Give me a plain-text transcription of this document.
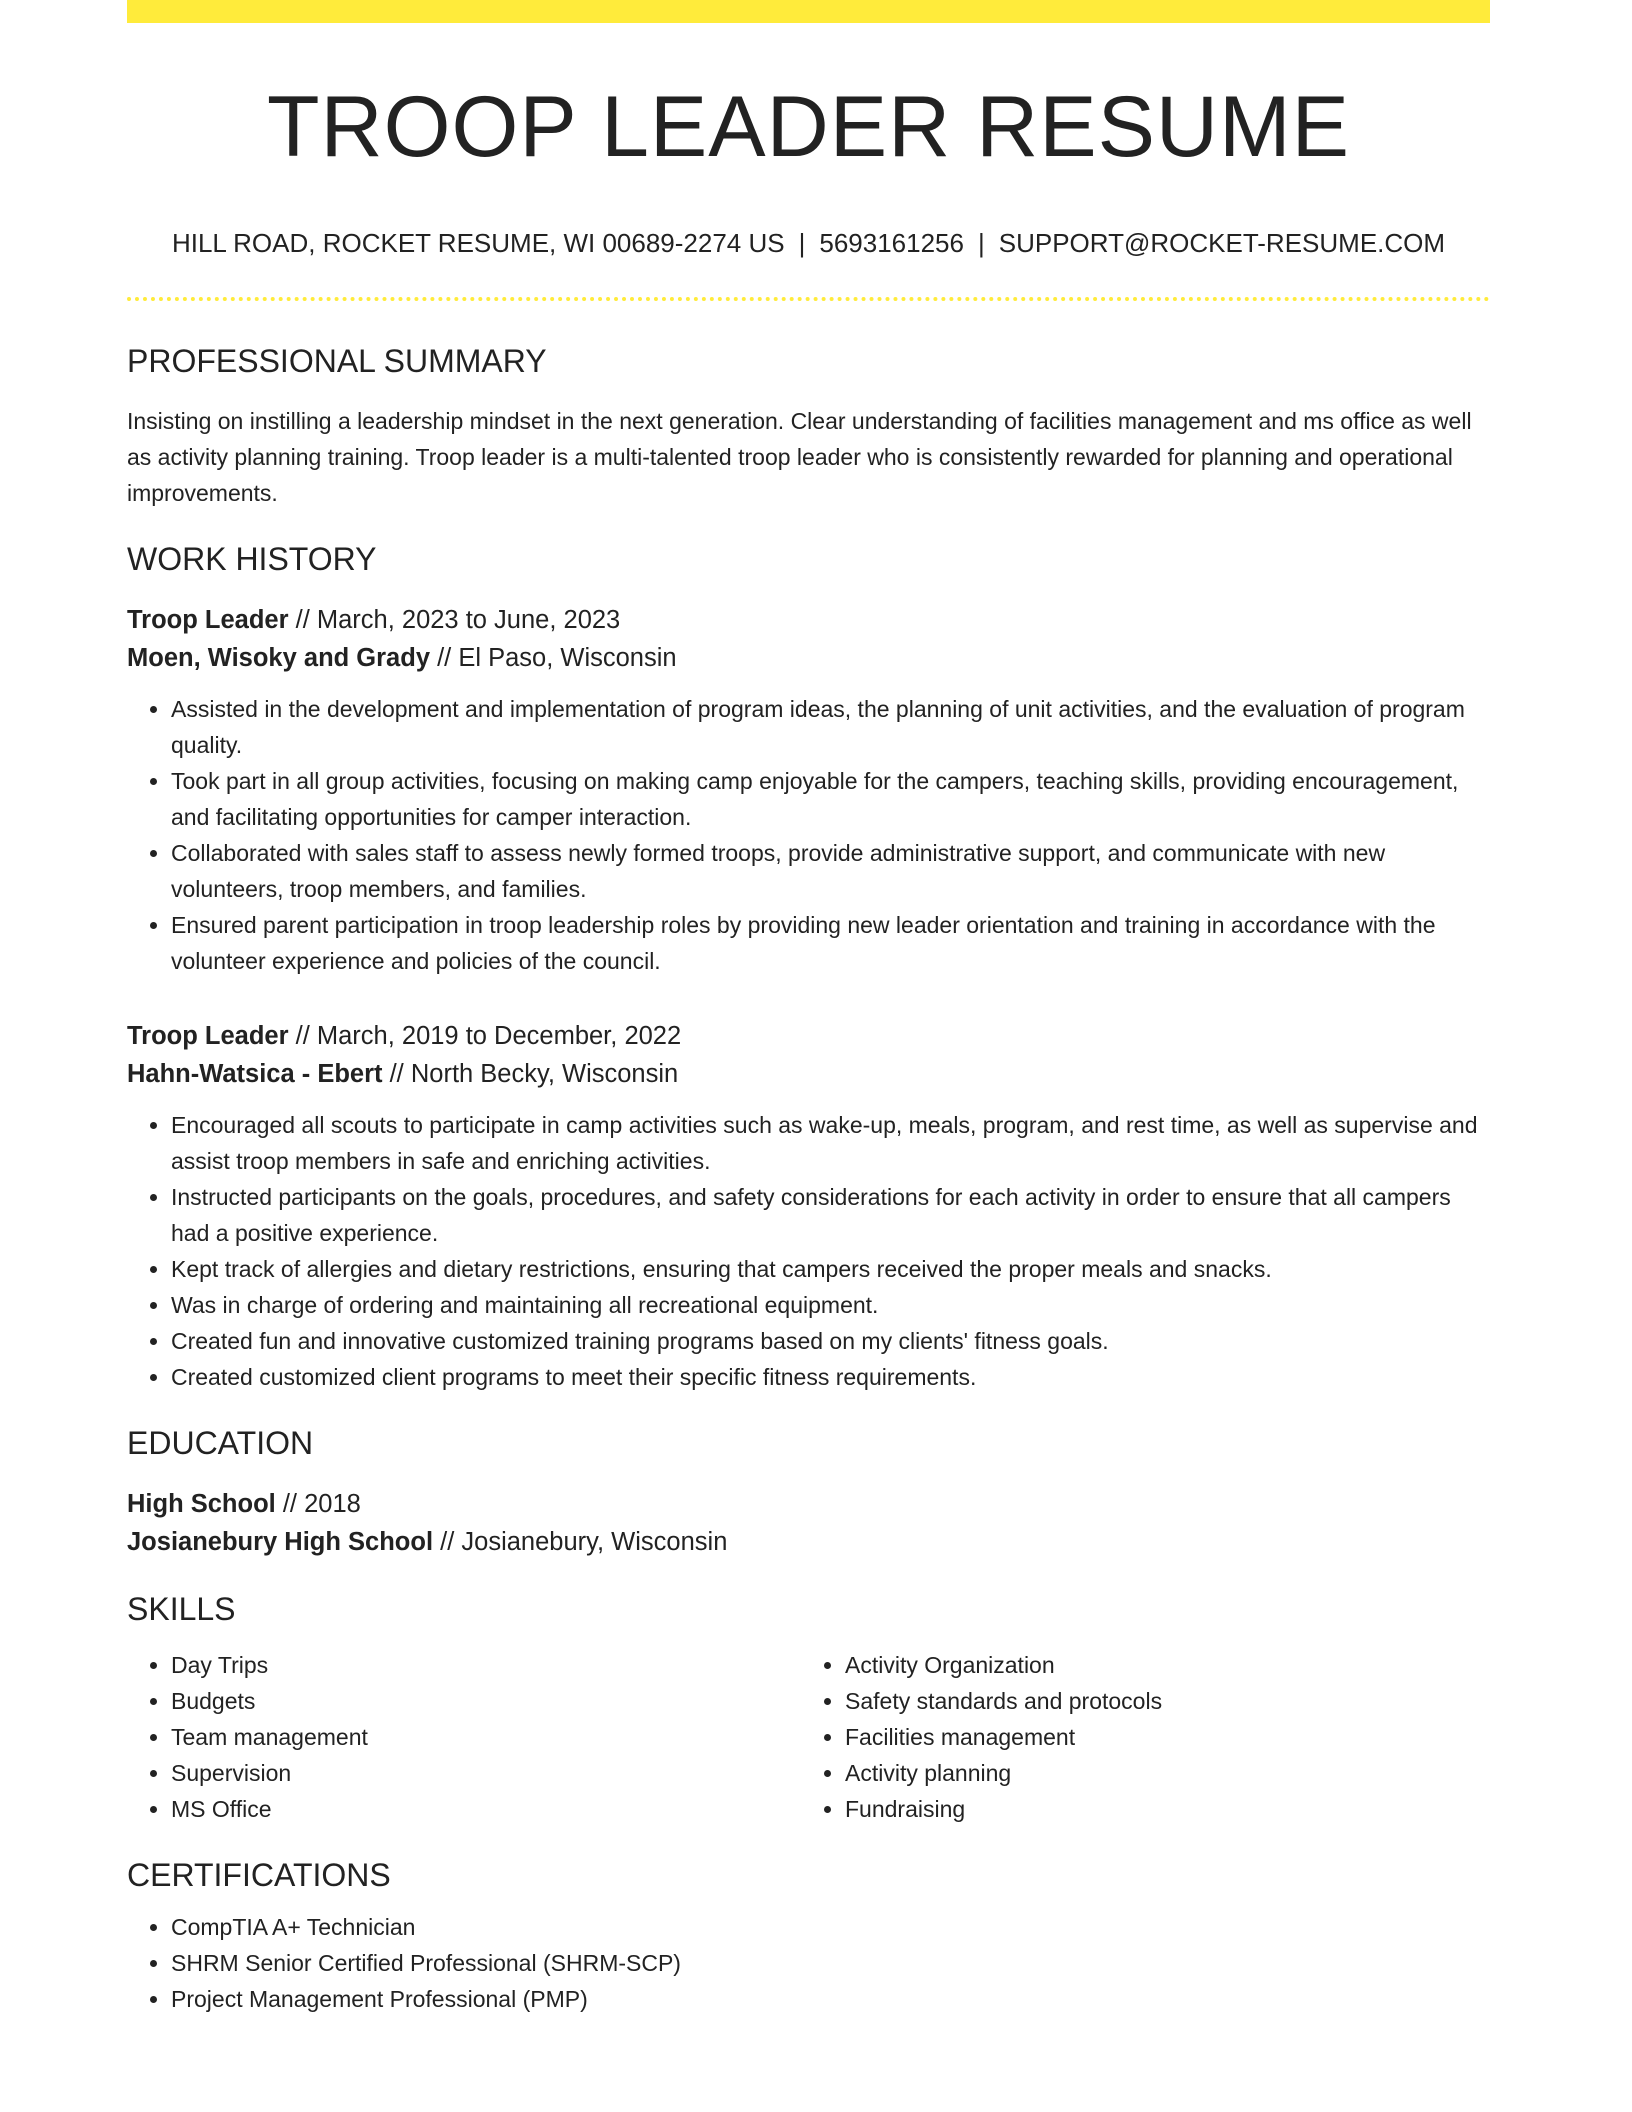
TROOP LEADER RESUME
HILL ROAD, ROCKET RESUME, WI 00689-2274 US | 5693161256 | SUPPORT@ROCKET-RESUME.COM
PROFESSIONAL SUMMARY
Insisting on instilling a leadership mindset in the next generation. Clear understanding of facilities management and ms office as well as activity planning training. Troop leader is a multi-talented troop leader who is consistently rewarded for planning and operational improvements.
WORK HISTORY
Troop Leader // March, 2023 to June, 2023
Moen, Wisoky and Grady // El Paso, Wisconsin
• Assisted in the development and implementation of program ideas, the planning of unit activities, and the evaluation of program quality.
• Took part in all group activities, focusing on making camp enjoyable for the campers, teaching skills, providing encouragement, and facilitating opportunities for camper interaction.
• Collaborated with sales staff to assess newly formed troops, provide administrative support, and communicate with new volunteers, troop members, and families.
• Ensured parent participation in troop leadership roles by providing new leader orientation and training in accordance with the volunteer experience and policies of the council.
Troop Leader // March, 2019 to December, 2022
Hahn-Watsica - Ebert // North Becky, Wisconsin
• Encouraged all scouts to participate in camp activities such as wake-up, meals, program, and rest time, as well as supervise and assist troop members in safe and enriching activities.
• Instructed participants on the goals, procedures, and safety considerations for each activity in order to ensure that all campers had a positive experience.
• Kept track of allergies and dietary restrictions, ensuring that campers received the proper meals and snacks.
• Was in charge of ordering and maintaining all recreational equipment.
• Created fun and innovative customized training programs based on my clients' fitness goals.
• Created customized client programs to meet their specific fitness requirements.
EDUCATION
High School // 2018
Josianebury High School // Josianebury, Wisconsin
SKILLS
• Day Trips
• Budgets
• Team management
• Supervision
• MS Office
• Activity Organization
• Safety standards and protocols
• Facilities management
• Activity planning
• Fundraising
CERTIFICATIONS
• CompTIA A+ Technician
• SHRM Senior Certified Professional (SHRM-SCP)
• Project Management Professional (PMP)
